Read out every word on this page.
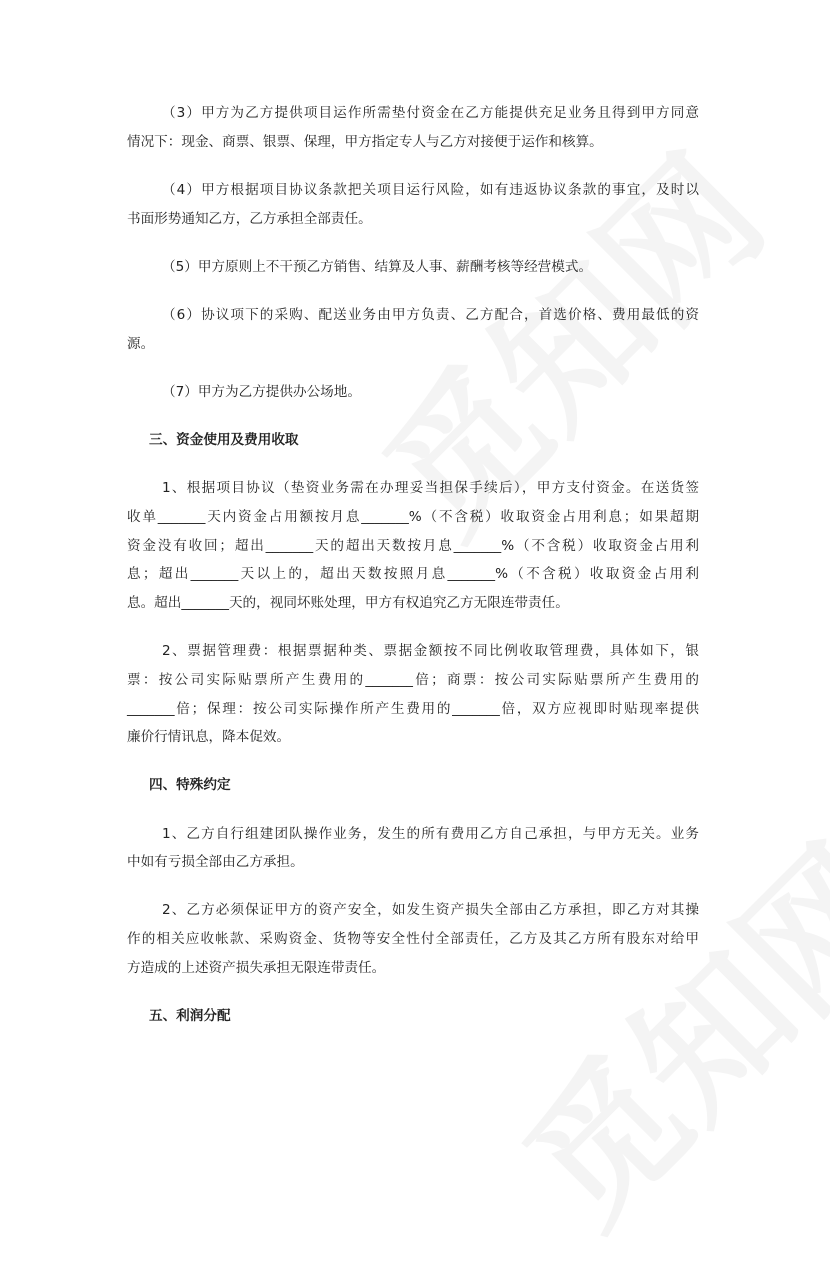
（3）甲方为乙方提供项目运作所需垫付资金在乙方能提供充足业务且得到甲方同意
情况下：现金、商票、银票、保理，甲方指定专人与乙方对接便于运作和核算。
（4）甲方根据项目协议条款把关项目运行风险，如有违返协议条款的事宜，及时以
书面形势通知乙方，乙方承担全部责任。
（5）甲方原则上不干预乙方销售、结算及人事、薪酬考核等经营模式。
（6）协议项下的采购、配送业务由甲方负责、乙方配合，首选价格、费用最低的资
源。
（7）甲方为乙方提供办公场地。
三、资金使用及费用收取
1、根据项目协议（垫资业务需在办理妥当担保手续后），甲方支付资金。在送货签
收单_______天内资金占用额按月息_______%（不含税）收取资金占用利息；如果超期
资金没有收回；超出_______天的超出天数按月息_______%（不含税）收取资金占用利
息；超出_______天以上的，超出天数按照月息_______%（不含税）收取资金占用利
息。超出_______天的，视同坏账处理，甲方有权追究乙方无限连带责任。
2、票据管理费：根据票据种类、票据金额按不同比例收取管理费，具体如下，银
票：按公司实际贴票所产生费用的_______倍；商票：按公司实际贴票所产生费用的
_______倍；保理：按公司实际操作所产生费用的_______倍，双方应视即时贴现率提供
廉价行情讯息，降本促效。
四、特殊约定
1、乙方自行组建团队操作业务，发生的所有费用乙方自己承担，与甲方无关。业务
中如有亏损全部由乙方承担。
2、乙方必须保证甲方的资产安全，如发生资产损失全部由乙方承担，即乙方对其操
作的相关应收帐款、采购资金、货物等安全性付全部责任，乙方及其乙方所有股东对给甲
方造成的上述资产损失承担无限连带责任。
五、利润分配
